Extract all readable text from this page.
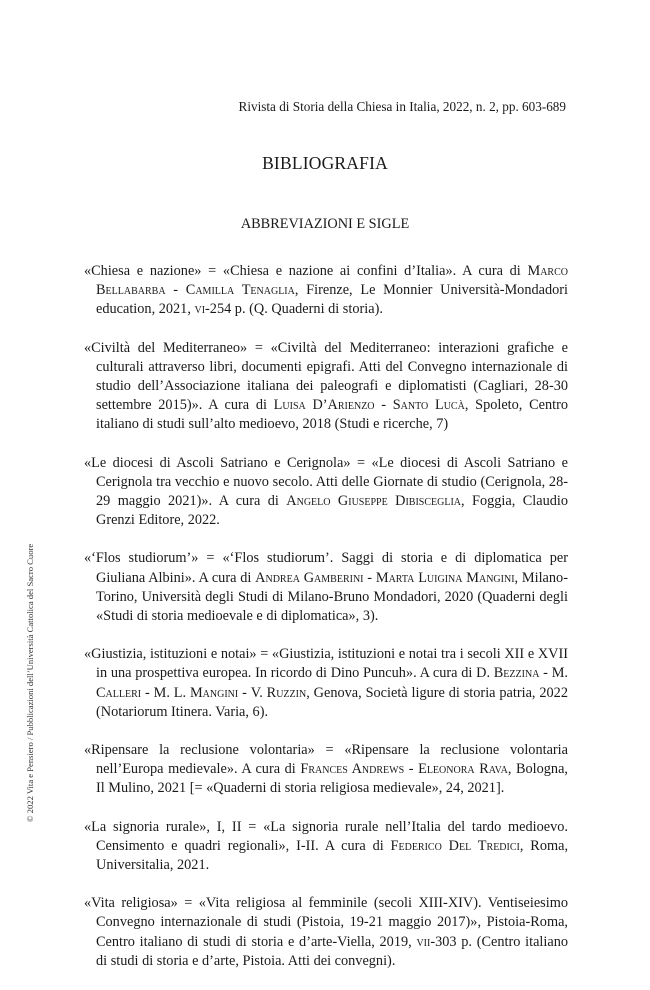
Rivista di Storia della Chiesa in Italia, 2022, n. 2, pp. 603-689
BIBLIOGRAFIA
ABBREVIAZIONI E SIGLE
«Chiesa e nazione» = «Chiesa e nazione ai confini d’Italia». A cura di Marco Bellabarba - Camilla Tenaglia, Firenze, Le Monnier Università-Mondadori education, 2021, vi-254 p. (Q. Quaderni di storia).
«Civiltà del Mediterraneo» = «Civiltà del Mediterraneo: interazioni grafiche e culturali attraverso libri, documenti epigrafi. Atti del Convegno internazionale di studio dell’Associazione italiana dei paleografi e diplomatisti (Cagliari, 28-30 settembre 2015)». A cura di Luisa D’Arienzo - Santo Lucà, Spoleto, Centro italiano di studi sull’alto medioevo, 2018 (Studi e ricerche, 7)
«Le diocesi di Ascoli Satriano e Cerignola» = «Le diocesi di Ascoli Satriano e Cerignola tra vecchio e nuovo secolo. Atti delle Giornate di studio (Cerignola, 28-29 maggio 2021)». A cura di Angelo Giuseppe Dibisceglia, Foggia, Claudio Grenzi Editore, 2022.
«‘Flos studiorum’» = «‘Flos studiorum’. Saggi di storia e di diplomatica per Giuliana Albini». A cura di Andrea Gamberini - Marta Luigina Mangini, Milano-Torino, Università degli Studi di Milano-Bruno Mondadori, 2020 (Quaderni degli «Studi di storia medioevale e di diplomatica», 3).
«Giustizia, istituzioni e notai» = «Giustizia, istituzioni e notai tra i secoli XII e XVII in una prospettiva europea. In ricordo di Dino Puncuh». A cura di D. Bezzina - M. Calleri - M. L. Mangini - V. Ruzzin, Genova, Società ligure di storia patria, 2022 (Notariorum Itinera. Varia, 6).
«Ripensare la reclusione volontaria» = «Ripensare la reclusione volontaria nell’Europa medievale». A cura di Frances Andrews - Eleonora Rava, Bologna, Il Mulino, 2021 [= «Quaderni di storia religiosa medievale», 24, 2021].
«La signoria rurale», I, II = «La signoria rurale nell’Italia del tardo medioevo. Censimento e quadri regionali», I-II. A cura di Federico Del Tredici, Roma, Universitalia, 2021.
«Vita religiosa» = «Vita religiosa al femminile (secoli XIII-XIV). Ventiseiesimo Convegno internazionale di studi (Pistoia, 19-21 maggio 2017)», Pistoia-Roma, Centro italiano di studi di storia e d’arte-Viella, 2019, vii-303 p. (Centro italiano di studi di storia e d’arte, Pistoia. Atti dei convegni).
© 2022 Vita e Pensiero / Pubblicazioni dell’Università Cattolica del Sacro Cuore
